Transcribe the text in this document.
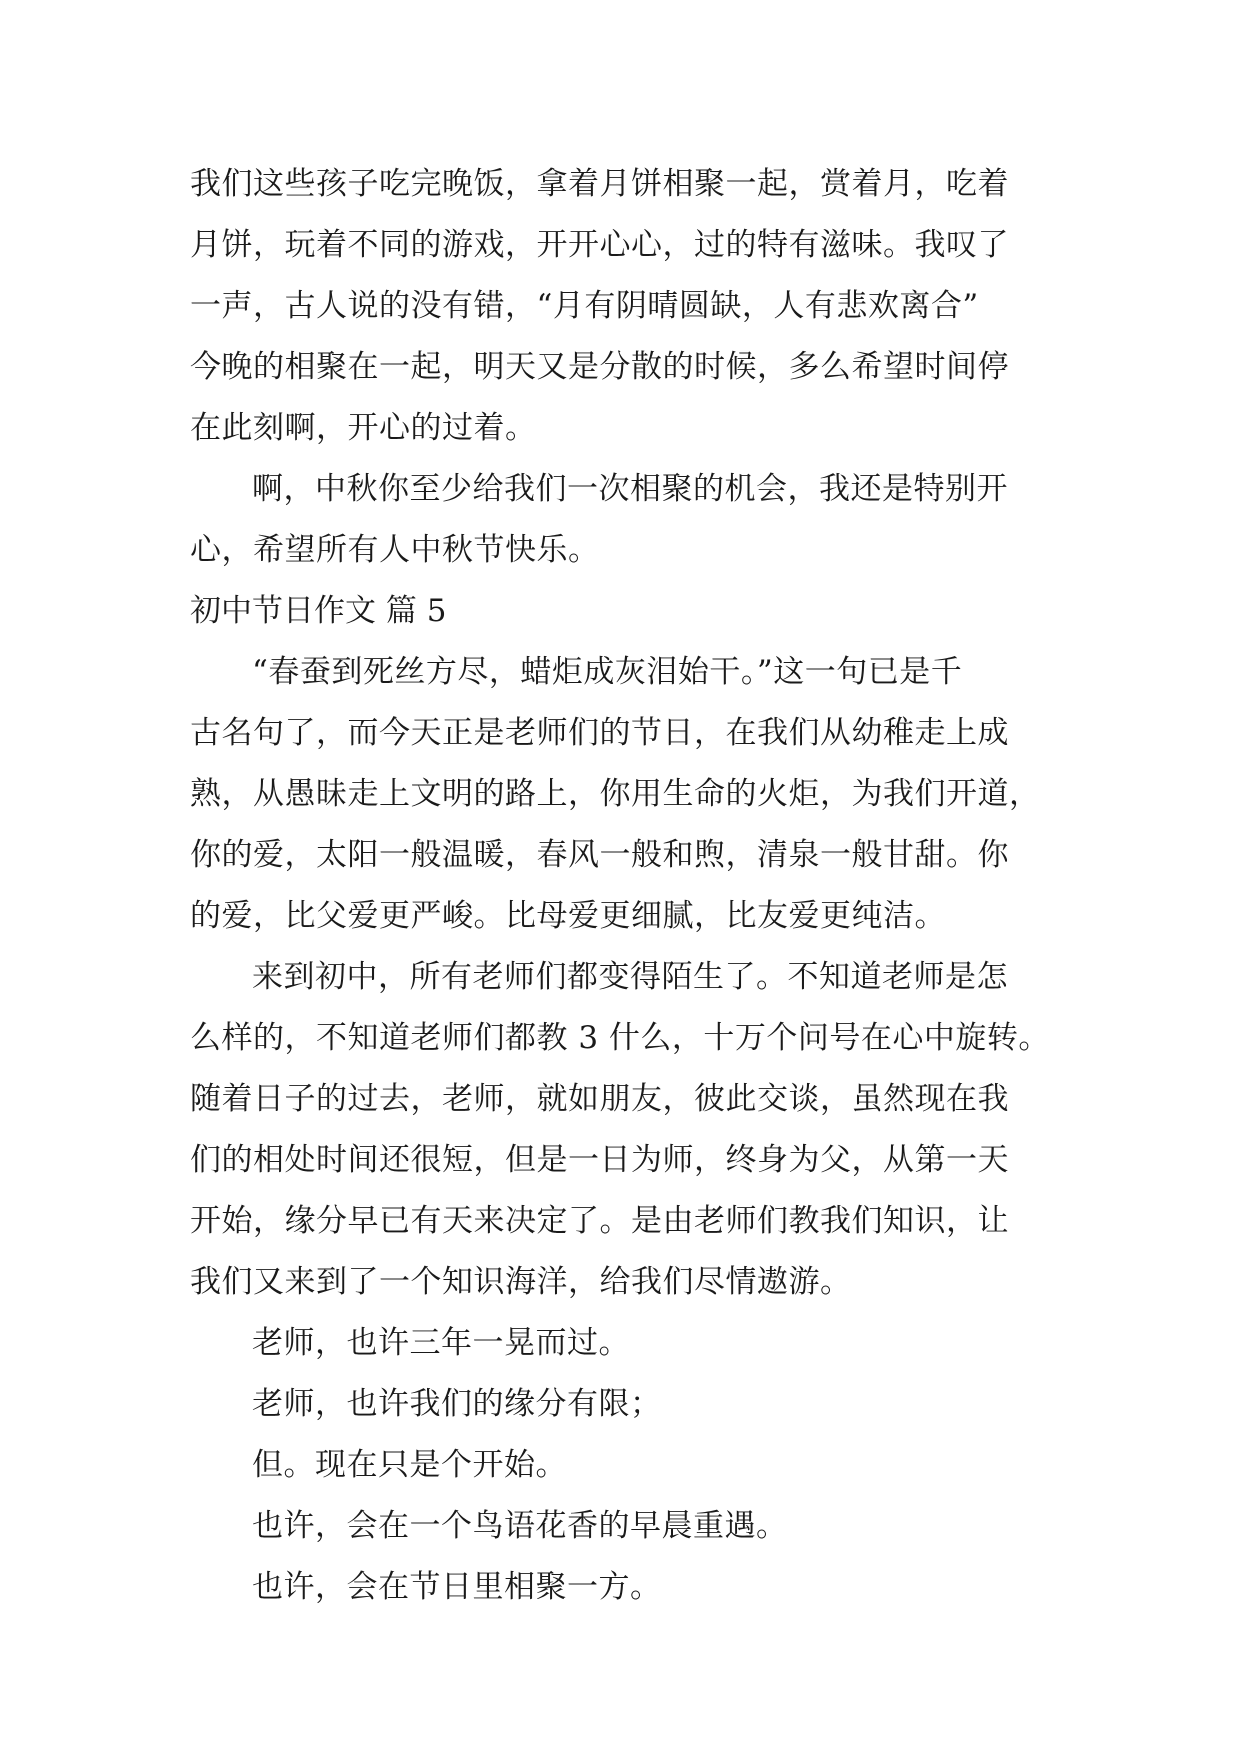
我们这些孩子吃完晚饭，拿着月饼相聚一起，赏着月，吃着
月饼，玩着不同的游戏，开开心心，过的特有滋味。我叹了
一声，古人说的没有错，“月有阴晴圆缺，人有悲欢离合”
今晚的相聚在一起，明天又是分散的时候，多么希望时间停
在此刻啊，开心的过着。
啊，中秋你至少给我们一次相聚的机会，我还是特别开
心，希望所有人中秋节快乐。
初中节日作文 篇 5
“春蚕到死丝方尽，蜡炬成灰泪始干。”这一句已是千
古名句了，而今天正是老师们的节日，在我们从幼稚走上成
熟，从愚昧走上文明的路上，你用生命的火炬，为我们开道，
你的爱，太阳一般温暖，春风一般和煦，清泉一般甘甜。你
的爱，比父爱更严峻。比母爱更细腻，比友爱更纯洁。
来到初中，所有老师们都变得陌生了。不知道老师是怎
么样的，不知道老师们都教 3 什么，十万个问号在心中旋转。
随着日子的过去，老师，就如朋友，彼此交谈，虽然现在我
们的相处时间还很短，但是一日为师，终身为父，从第一天
开始，缘分早已有天来决定了。是由老师们教我们知识，让
我们又来到了一个知识海洋，给我们尽情遨游。
老师，也许三年一晃而过。
老师，也许我们的缘分有限；
但。现在只是个开始。
也许，会在一个鸟语花香的早晨重遇。
也许，会在节日里相聚一方。
